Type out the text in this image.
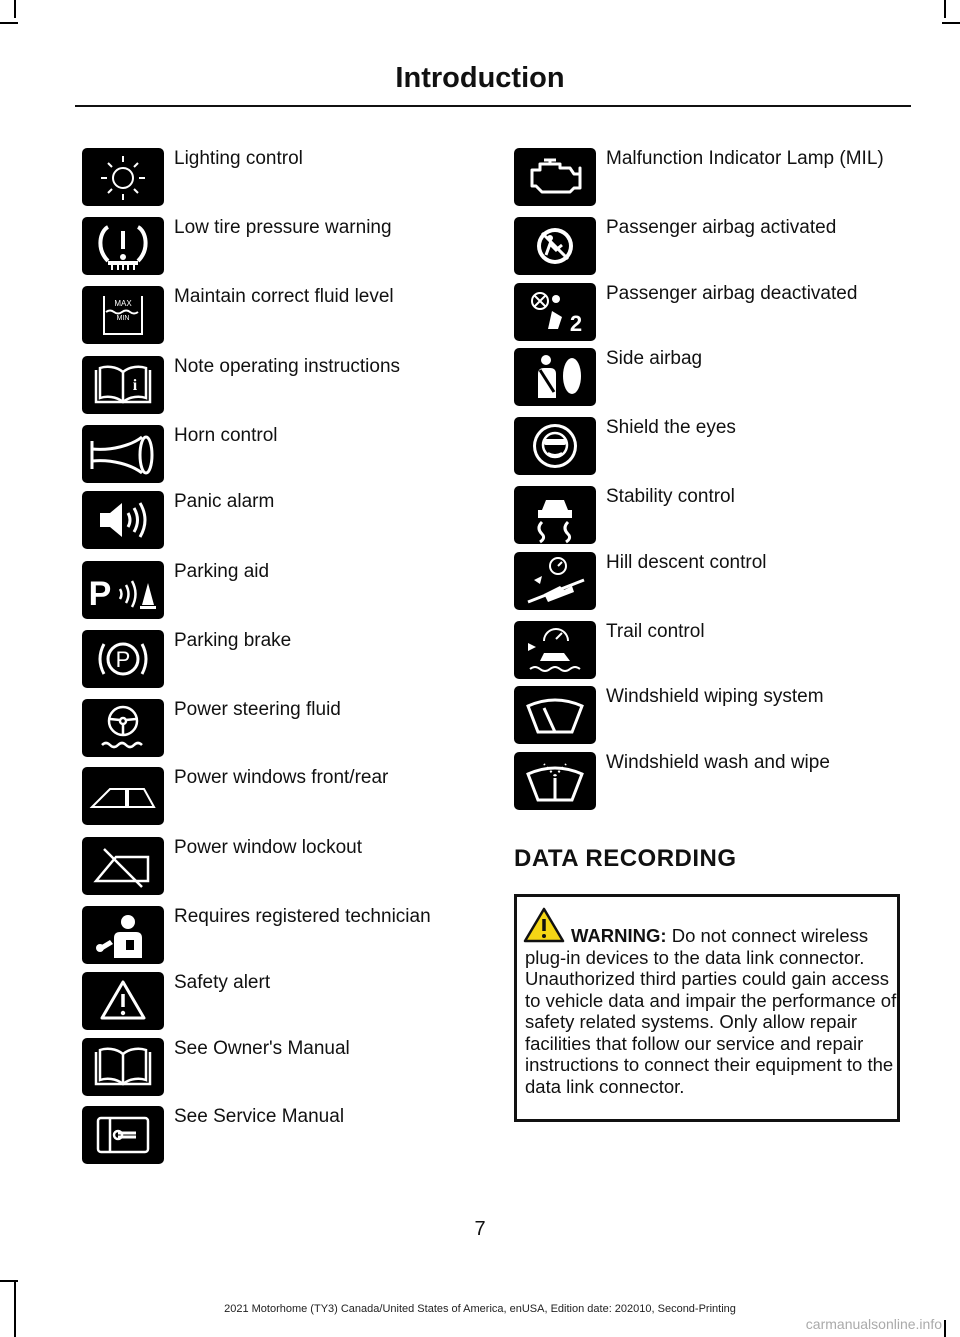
Introduction
Lighting control
Low tire pressure warning
MAX
MIN
Maintain correct fluid level
i
Note operating instructions
Horn control
Panic alarm
P
Parking aid
P
Parking brake
Power steering fluid
Power windows front/rear
Power window lockout
Requires registered technician
Safety alert
See Owner's Manual
See Service Manual
Malfunction Indicator Lamp (MIL)
Passenger airbag activated
2
Passenger airbag deactivated
Side airbag
Shield the eyes
Stability control
Hill descent control
Trail control
Windshield wiping system
Windshield wash and wipe
DATA RECORDING
WARNING: Do not connect wireless plug-in devices to the data link connector. Unauthorized third parties could gain access to vehicle data and impair the performance of safety related systems. Only allow repair facilities that follow our service and repair instructions to connect their equipment to the data link connector.
7
2021 Motorhome (TY3) Canada/United States of America, enUSA, Edition date: 202010, Second-Printing
carmanualsonline.info
